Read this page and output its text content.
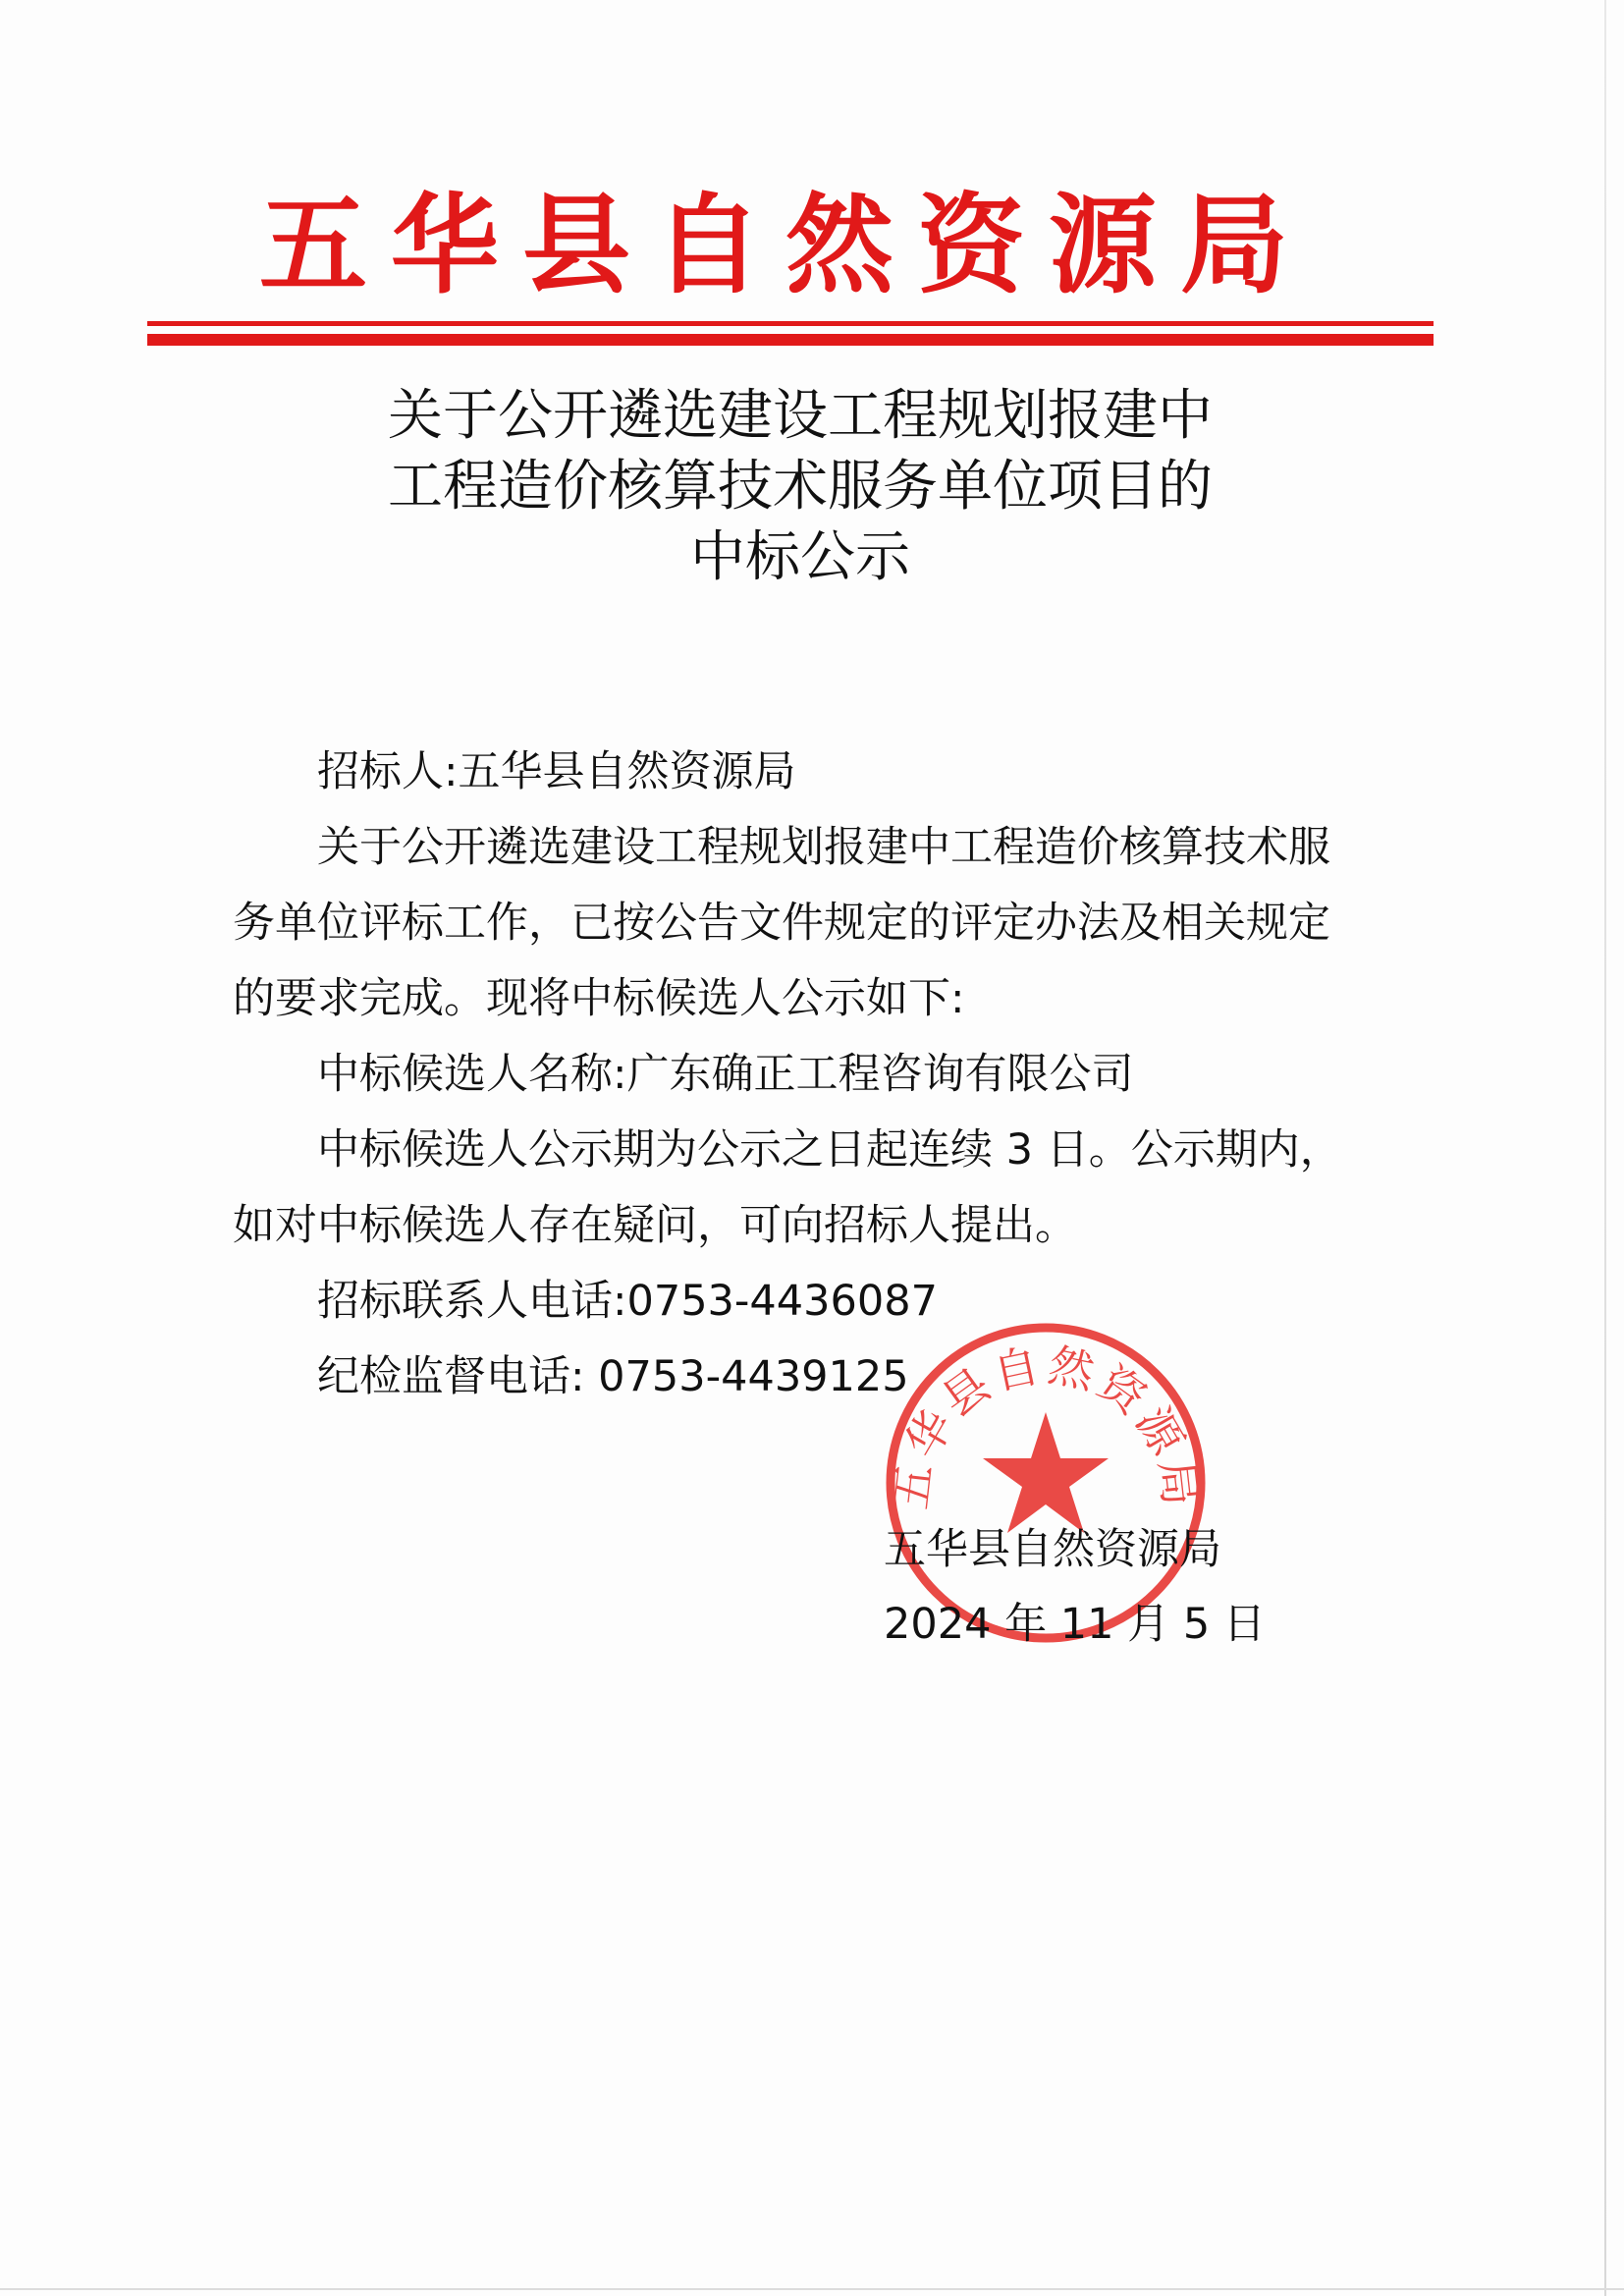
五华县自然资源局
关于公开遴选建设工程规划报建中
工程造价核算技术服务单位项目的
中标公示

招标人:五华县自然资源局

关于公开遴选建设工程规划报建中工程造价核算技术服务单位评标工作，已按公告文件规定的评定办法及相关规定的要求完成。现将中标候选人公示如下:

中标候选人名称:广东确正工程咨询有限公司

中标候选人公示期为公示之日起连续 3 日。公示期内，如对中标候选人存在疑问，可向招标人提出。

招标联系人电话:0753-4436087

纪检监督电话: 0753-4439125

五华县自然资源局
五华县自然资源局
2024 年 11 月 5 日
